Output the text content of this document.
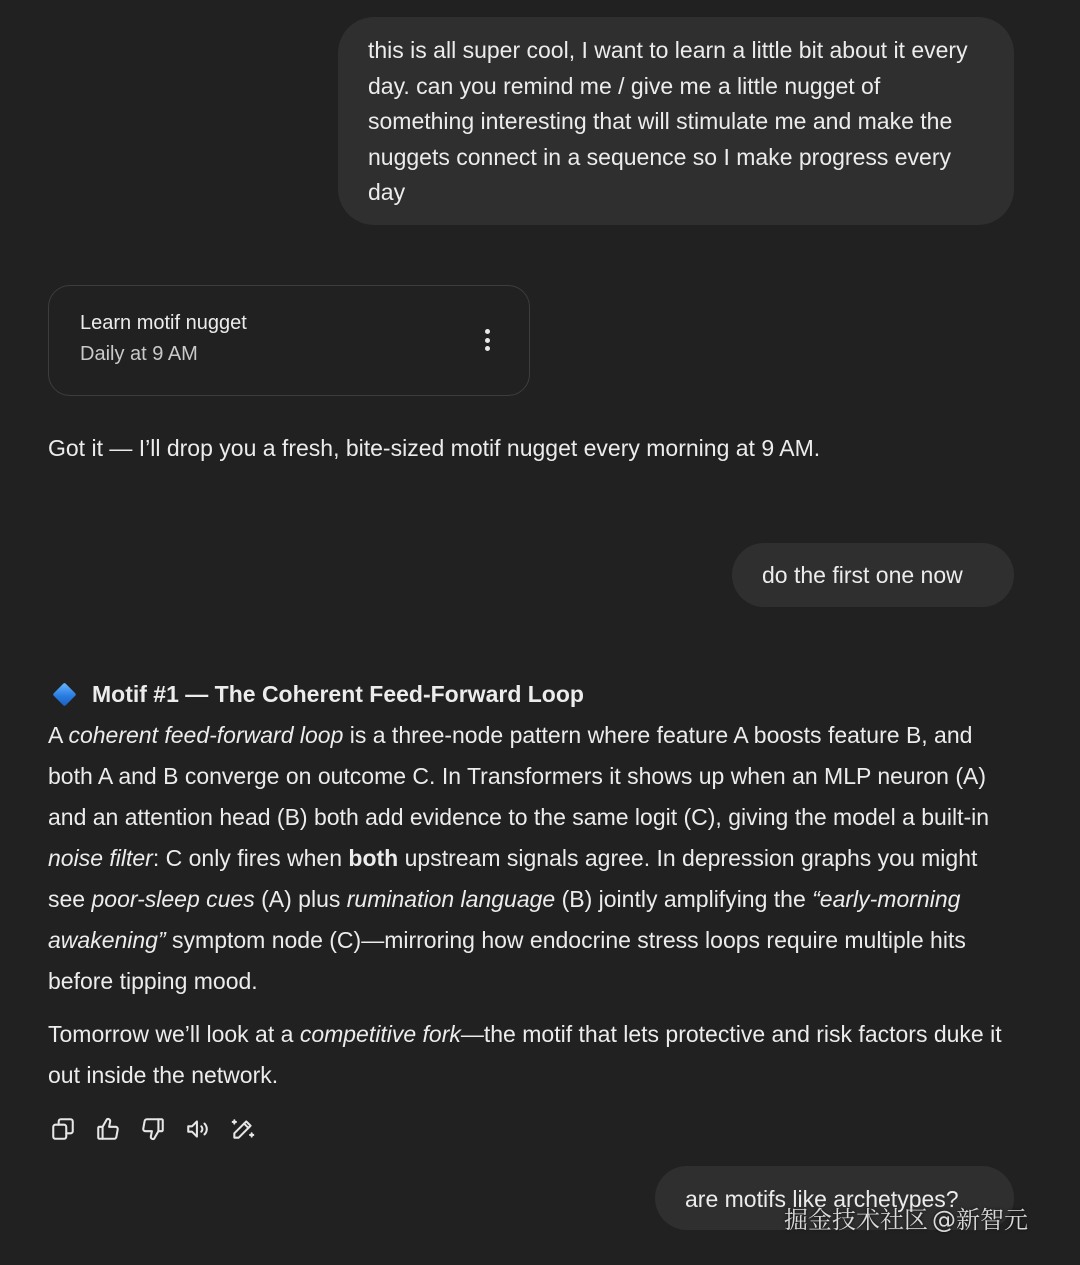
this is all super cool, I want to learn a little bit about it every day. can you remind me / give me a little nugget of something interesting that will stimulate me and make the nuggets connect in a sequence so I make progress every day
Learn motif nugget
Daily at 9 AM
Got it — I’ll drop you a fresh, bite-sized motif nugget every morning at 9 AM.
do the first one now
Motif #1 — The Coherent Feed-Forward Loop

A coherent feed-forward loop is a three-node pattern where feature A boosts feature B, and both A and B converge on outcome C. In Transformers it shows up when an MLP neuron (A) and an attention head (B) both add evidence to the same logit (C), giving the model a built-in noise filter: C only fires when both upstream signals agree. In depression graphs you might see poor-sleep cues (A) plus rumination language (B) jointly amplifying the “early-morning awakening” symptom node (C)—mirroring how endocrine stress loops require multiple hits before tipping mood.

Tomorrow we’ll look at a competitive fork—the motif that lets protective and risk factors duke it out inside the network.

are motifs like archetypes?
掘金技术社区 @新智元
